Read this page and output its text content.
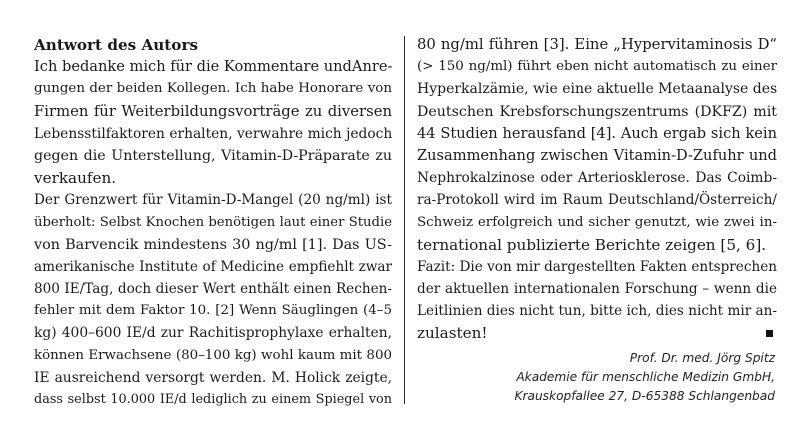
Antwort des Autors
Ich bedanke mich für die Kommentare undAnre-
gungen der beiden Kollegen. Ich habe Honorare von
Firmen für Weiterbildungsvorträge zu diversen
Lebensstilfaktoren erhalten, verwahre mich jedoch
gegen die Unterstellung, Vitamin-D-Präparate zu
verkaufen.
Der Grenzwert für Vitamin-D-Mangel (20 ng/ml) ist
überholt: Selbst Knochen benötigen laut einer Studie
von Barvencik mindestens 30 ng/ml [1]. Das US-
amerikanische Institute of Medicine empfiehlt zwar
800 IE/Tag, doch dieser Wert enthält einen Rechen-
fehler mit dem Faktor 10. [2] Wenn Säuglingen (4–5
kg) 400–600 IE/d zur Rachitisprophylaxe erhalten,
können Erwachsene (80–100 kg) wohl kaum mit 800
IE ausreichend versorgt werden. M. Holick zeigte,
dass selbst 10.000 IE/d lediglich zu einem Spiegel von
80 ng/ml führen [3]. Eine „Hypervitaminosis D“
(> 150 ng/ml) führt eben nicht automatisch zu einer
Hyperkalzämie, wie eine aktuelle Metaanalyse des
Deutschen Krebsforschungszentrums (DKFZ) mit
44 Studien herausfand [4]. Auch ergab sich kein
Zusammenhang zwischen Vitamin-D-Zufuhr und
Nephrokalzinose oder Arteriosklerose. Das Coimb-
ra-Protokoll wird im Raum Deutschland/Österreich/
Schweiz erfolgreich und sicher genutzt, wie zwei in-
ternational publizierte Berichte zeigen [5, 6].
Fazit: Die von mir dargestellten Fakten entsprechen
der aktuellen internationalen Forschung – wenn die
Leitlinien dies nicht tun, bitte ich, dies nicht mir an-
zulasten!
Prof. Dr. med. Jörg Spitz
Akademie für menschliche Medizin GmbH,
Krauskopfallee 27, D-65388 Schlangenbad
